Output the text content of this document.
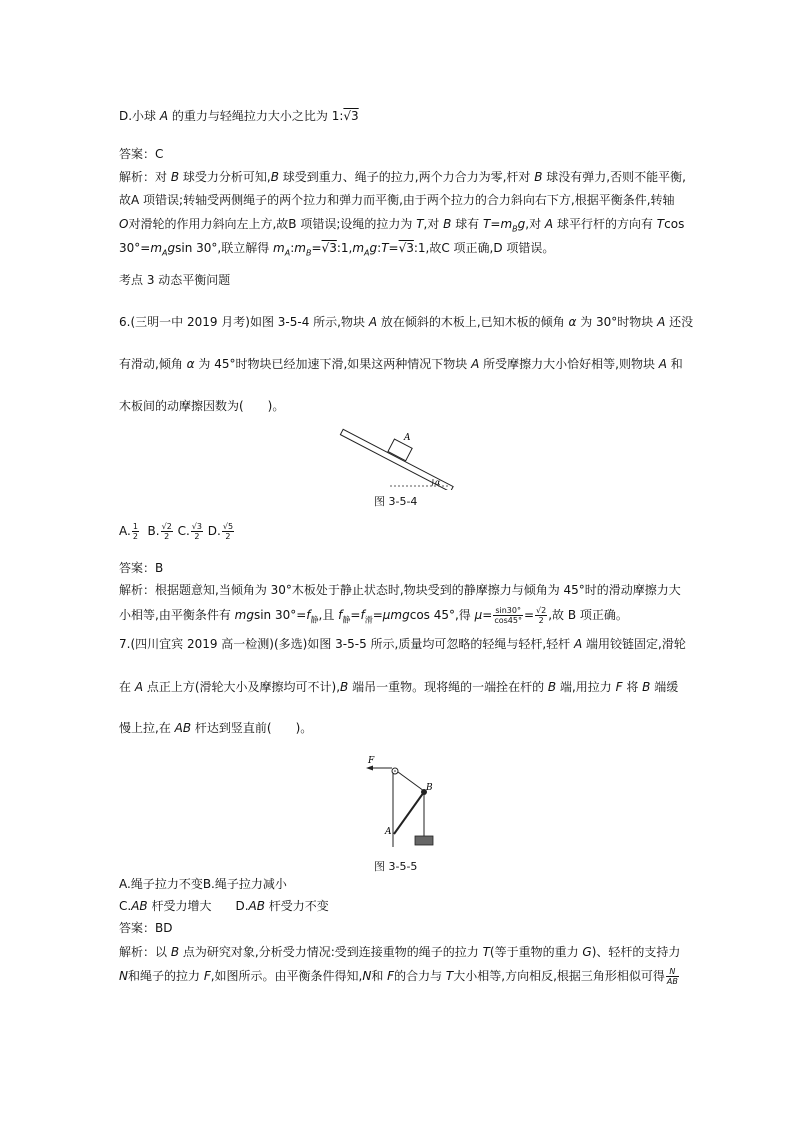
D.小球 A 的重力与轻绳拉力大小之比为 1:√3
答案：C
解析：对 B 球受力分析可知,B 球受到重力、绳子的拉力,两个力合力为零,杆对 B 球没有弹力,否则不能平衡,
故A 项错误;转轴受两侧绳子的两个拉力和弹力而平衡,由于两个拉力的合力斜向右下方,根据平衡条件,转轴
O对滑轮的作用力斜向左上方,故B 项错误;设绳的拉力为 T,对 B 球有 $T=m_Bg$,对 A 球平行杆的方向有 Tcos
$30^\circ=m_Agsin$ 30°,联立解得 $m_A:m_B=√3:1,m_Ag:T=√3:1$,故C 项正确,D 项错误。
考点 3 动态平衡问题
6.(三明一中 2019 月考)如图 3-5-4 所示,物块 A 放在倾斜的木板上,已知木板的倾角 α 为 30°时物块 A 还没
有滑动,倾角 α 为 45°时物块已经加速下滑,如果这两种情况下物块 A 所受摩擦力大小恰好相等,则物块 A 和
木板间的动摩擦因数为(　　)。
A
α
图 3-5-4
A. $\frac{1}{2} B$. $\frac{√2}{2} C$. $\frac{√3}{2} D$. $\frac{√5}{2}$
答案：B
解析：根据题意知,当倾角为 30°木板处于静止状态时,物块受到的静摩擦力与倾角为 45°时的滑动摩擦力大
小相等,由平衡条件有 mgsin $30^\circ=f_静$,且 $f_静=f_滑=\mu mgcos$ 45°,得 $\mu= \frac{\sin 30^\circ}{\cos 45^\circ} = \frac{√2}{2}$ ,故 B 项正确。
7.(四川宜宾 2019 高一检测)(多选)如图 3-5-5 所示,质量均可忽略的轻绳与轻杆,轻杆 A 端用铰链固定,滑轮
在 A 点正上方(滑轮大小及摩擦均可不计),B 端吊一重物。现将绳的一端拴在杆的 B 端,用拉力 F 将 B 端缓
慢上拉,在 AB 杆达到竖直前(　　)。
F
B
A
图 3-5-5
A.绳子拉力不变B.绳子拉力减小
C.AB 杆受力增大　　D.AB 杆受力不变
答案：BD
解析：以 B 点为研究对象,分析受力情况:受到连接重物的绳子的拉力 T(等于重物的重力 G)、轻杆的支持力
N和绳子的拉力 F,如图所示。由平衡条件得知,N和 F的合力与 T大小相等,方向相反,根据三角形相似可得 $\frac{N}{AB}$
